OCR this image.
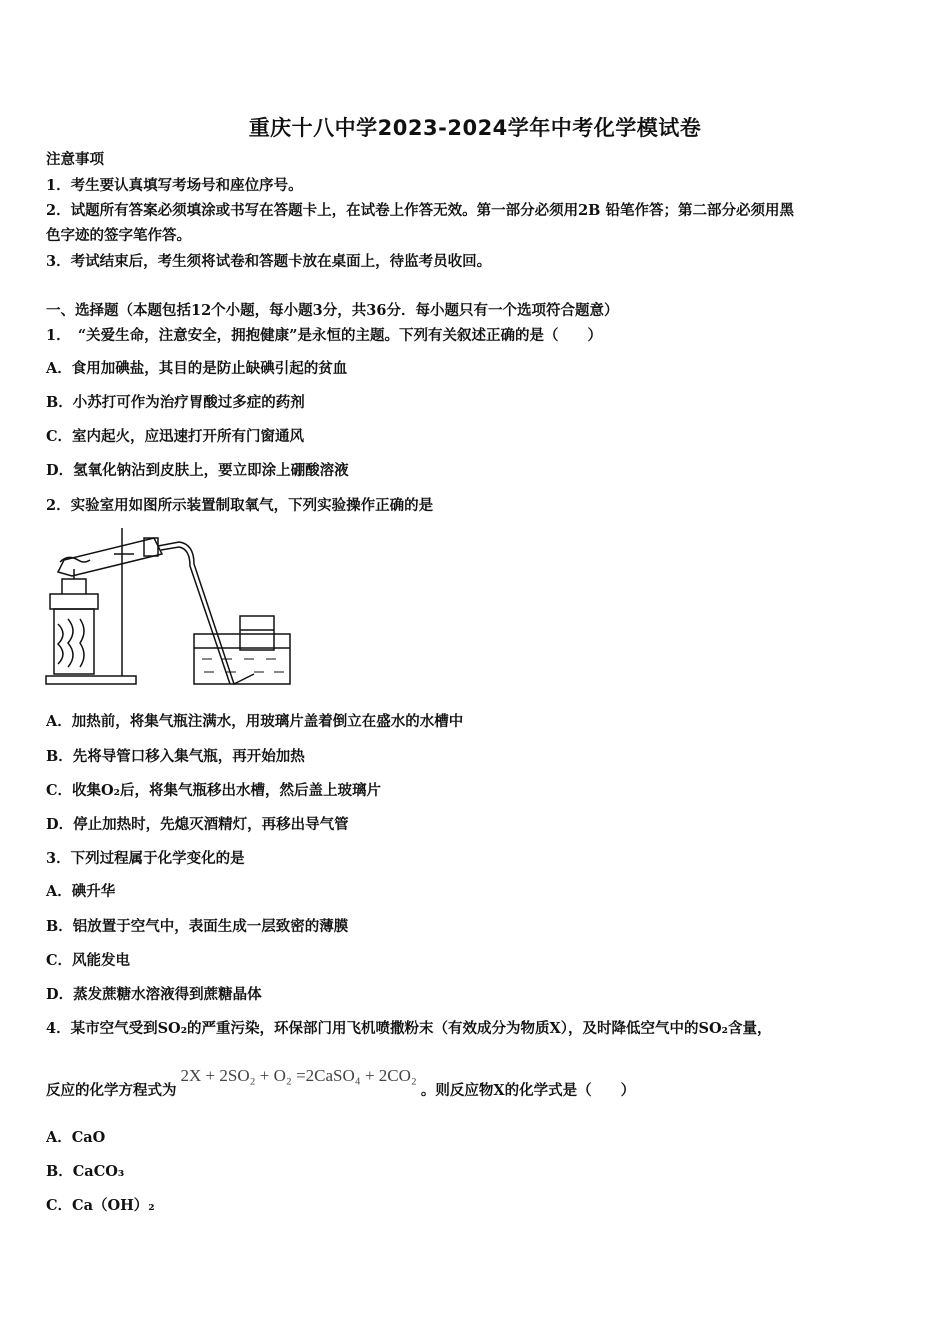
重庆十八中学2023-2024学年中考化学模试卷
注意事项
1．考生要认真填写考场号和座位序号。
2．试题所有答案必须填涂或书写在答题卡上，在试卷上作答无效。第一部分必须用2B 铅笔作答；第二部分必须用黑
色字迹的签字笔作答。
3．考试结束后，考生须将试卷和答题卡放在桌面上，待监考员收回。
一、选择题（本题包括12个小题，每小题3分，共36分．每小题只有一个选项符合题意）
1．　“关爱生命，注意安全，拥抱健康”是永恒的主题。下列有关叙述正确的是（　　）
A．食用加碘盐，其目的是防止缺碘引起的贫血
B．小苏打可作为治疗胃酸过多症的药剂
C．室内起火，应迅速打开所有门窗通风
D．氢氧化钠沾到皮肤上，要立即涂上硼酸溶液
2．实验室用如图所示装置制取氧气，下列实验操作正确的是
A．加热前，将集气瓶注满水，用玻璃片盖着倒立在盛水的水槽中
B．先将导管口移入集气瓶，再开始加热
C．收集O₂后，将集气瓶移出水槽，然后盖上玻璃片
D．停止加热时，先熄灭酒精灯，再移出导气管
3．下列过程属于化学变化的是
A．碘升华
B．铝放置于空气中，表面生成一层致密的薄膜
C．风能发电
D．蒸发蔗糖水溶液得到蔗糖晶体
4．某市空气受到SO₂的严重污染，环保部门用飞机喷撒粉末（有效成分为物质X），及时降低空气中的SO₂含量，
反应的化学方程式为2X + 2SO₂ + O₂ =2CaSO₄ + 2CO₂。则反应物X的化学式是（　　）
A．CaO
B．CaCO₃
C．Ca（OH）₂
